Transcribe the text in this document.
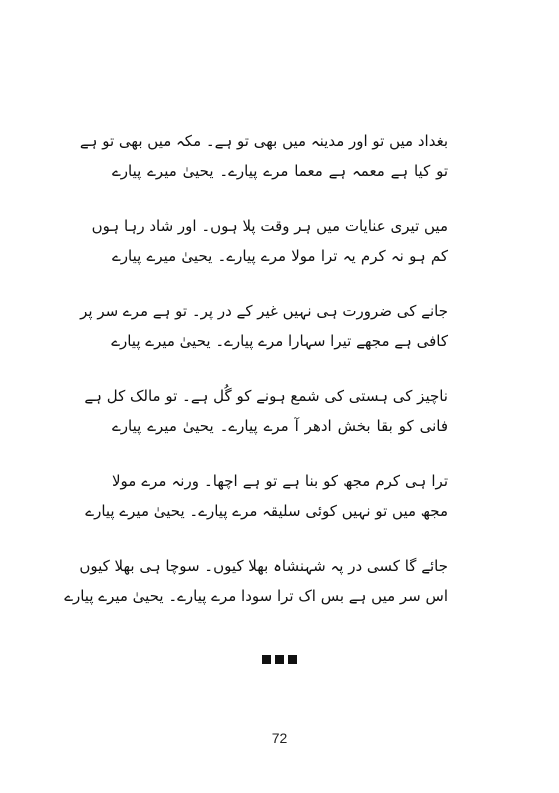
بغداد میں تو اور مدینہ میں بھی تو ہے۔ مکہ میں بھی تو ہے
تو کیا ہے معمہ ہے معما مرے پیارے۔ یحییٰ میرے پیارے
میں تیری عنایات میں ہر وقت پلا ہوں۔ اور شاد رہا ہوں
کم ہو نہ کرم یہ ترا مولا مرے پیارے۔ یحییٰ میرے پیارے
جانے کی ضرورت ہی نہیں غیر کے در پر۔ تو ہے مرے سر پر
کافی ہے مجھے تیرا سہارا مرے پیارے۔ یحییٰ میرے پیارے
ناچیز کی ہستی کی شمع ہونے کو گُل ہے۔ تو مالک کل ہے
فانی کو بقا بخش ادھر آ مرے پیارے۔ یحییٰ میرے پیارے
ترا ہی کرم مجھ کو بنا ہے تو ہے اچھا۔ ورنہ مرے مولا
مجھ میں تو نہیں کوئی سلیقہ مرے پیارے۔ یحییٰ میرے پیارے
جائے گا کسی در پہ شہنشاہ بھلا کیوں۔ سوچا ہی بھلا کیوں
اس سر میں ہے بس اک ترا سودا مرے پیارے۔ یحییٰ میرے پیارے

72
